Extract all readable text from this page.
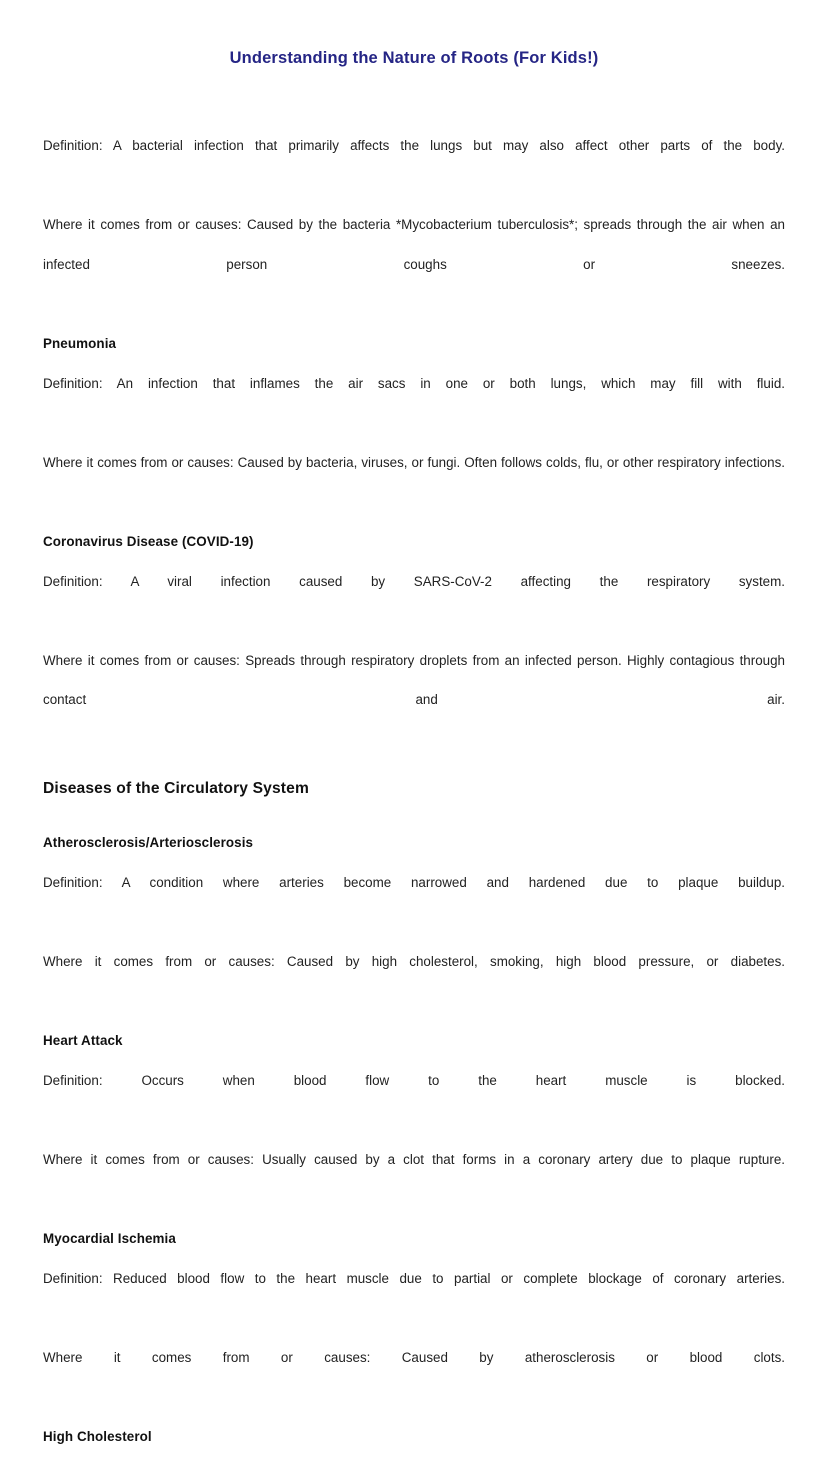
Understanding the Nature of Roots (For Kids!)

Definition: A bacterial infection that primarily affects the lungs but may also affect other parts of the body.

Where it comes from or causes: Caused by the bacteria *Mycobacterium tuberculosis*; spreads through the air when an infected person coughs or sneezes.

Pneumonia

Definition: An infection that inflames the air sacs in one or both lungs, which may fill with fluid.

Where it comes from or causes: Caused by bacteria, viruses, or fungi. Often follows colds, flu, or other respiratory infections.

Coronavirus Disease (COVID-19)

Definition: A viral infection caused by SARS-CoV-2 affecting the respiratory system.

Where it comes from or causes: Spreads through respiratory droplets from an infected person. Highly contagious through contact and air.

Diseases of the Circulatory System
Atherosclerosis/Arteriosclerosis

Definition: A condition where arteries become narrowed and hardened due to plaque buildup.

Where it comes from or causes: Caused by high cholesterol, smoking, high blood pressure, or diabetes.

Heart Attack

Definition: Occurs when blood flow to the heart muscle is blocked.

Where it comes from or causes: Usually caused by a clot that forms in a coronary artery due to plaque rupture.

Myocardial Ischemia

Definition: Reduced blood flow to the heart muscle due to partial or complete blockage of coronary arteries.

Where it comes from or causes: Caused by atherosclerosis or blood clots.

High Cholesterol
